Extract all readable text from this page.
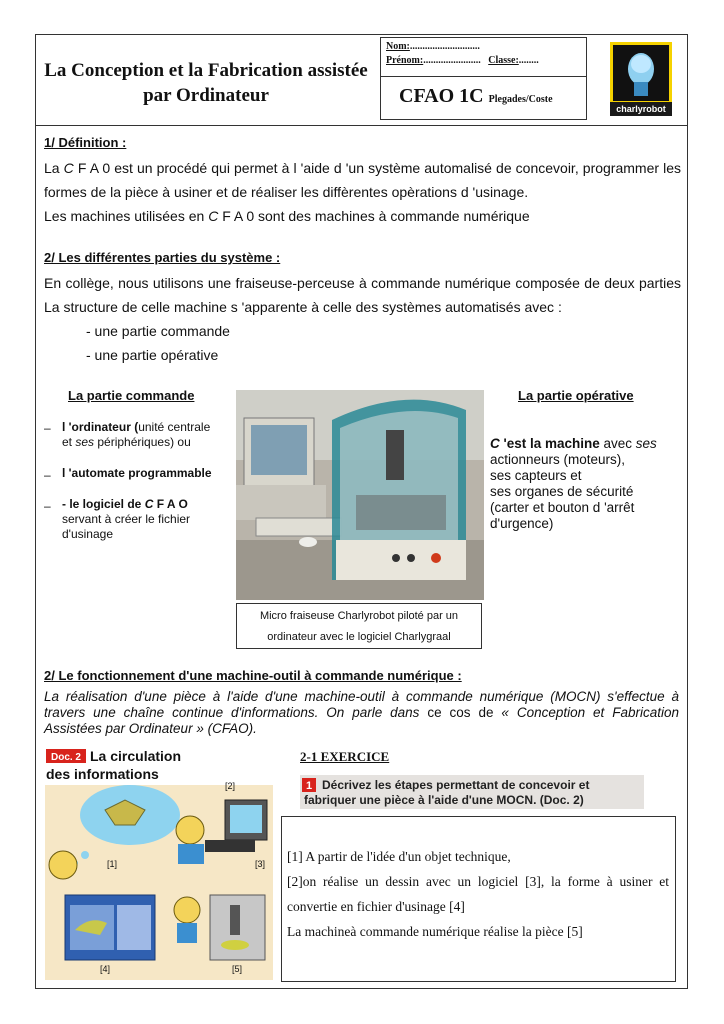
La Conception et la Fabrication assistée
par Ordinateur
Nom:............................
Prénom:....................... Classe:........
CFAO 1C Plegades/Coste
charlyrobot
1/ Définition :
La C F A 0 est un procédé qui permet à l 'aide d 'un système automalisé de concevoir, programmer les formes de la pièce à usiner et de réaliser les diffèrentes opèrations d 'usinage.
Les machines utilisées en C F A 0 sont des machines à commande numérique
2/ Les différentes parties du système :
En collège, nous utilisons une fraiseuse-perceuse à commande numérique composée de deux parties La structure de celle machine s 'apparente à celle des systèmes automatisés avec :
- une partie commande
- une partie opérative
La partie commande
– l 'ordinateur (unité centrale
et ses périphériques) ou
– l 'automate programmable
– - le logiciel de C F A O
servant à créer le fichier
d'usinage
Micro fraiseuse Charlyrobot piloté par un
ordinateur avec le logiciel Charlygraal
La partie opérative
C 'est la machine avec ses
actionneurs (moteurs),
ses capteurs et
ses organes de sécurité
(carter et bouton d 'arrêt
d'urgence)
2/ Le fonctionnement d'une machine-outil à commande numérique :
La réalisation d'une pièce à l'aide d'une machine-outil à commande numérique (MOCN) s'effectue à travers une chaîne continue d'informations. On parle dans ce cos de « Conception et Fabrication Assistées par Ordinateur » (CFAO).
Doc. 2 La circulation
des informations
[1]
[2]
[3]
[4]	[5]
2-1 EXERCICE
1 Décrivez les étapes permettant de concevoir et
fabriquer une pièce à l'aide d'une MOCN. (Doc. 2)

[1] A partir de l'idée d'un objet technique,

[2]on réalise un dessin avec un logiciel [3], la forme à usiner et convertie en fichier d'usinage [4]

La machineà commande numérique réalise la pièce [5]
